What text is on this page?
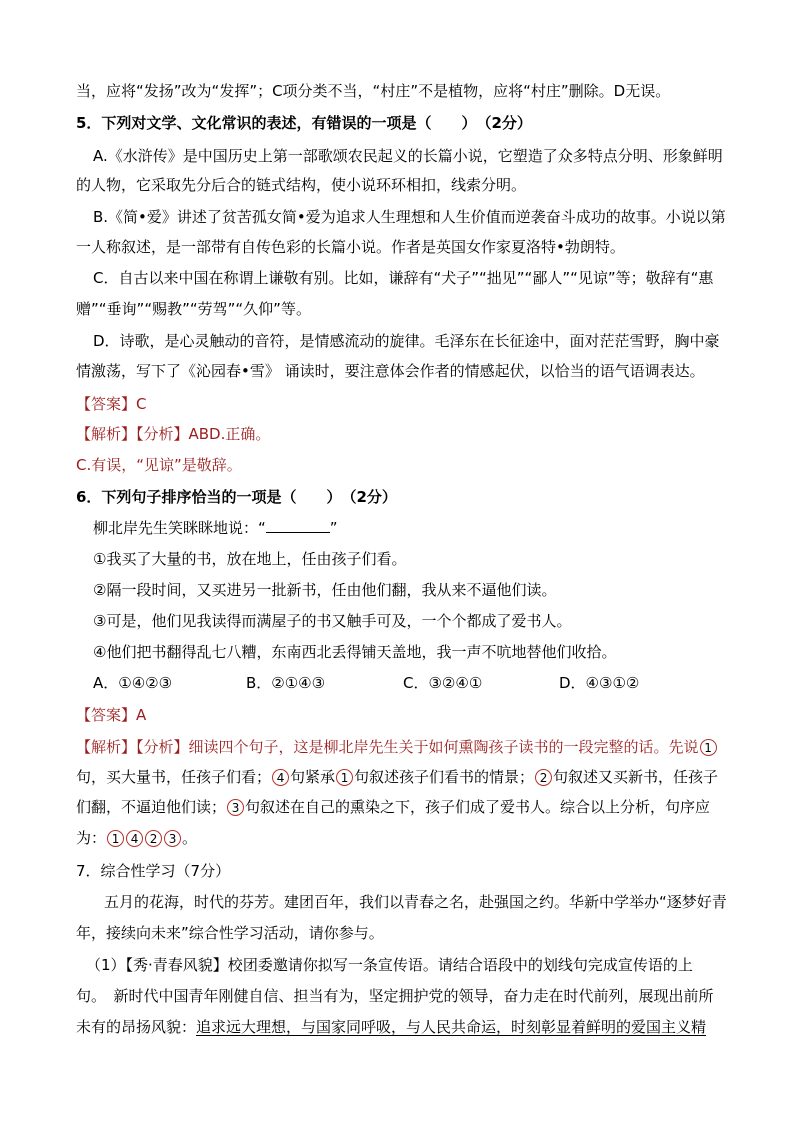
当，应将“发扬”改为“发挥”；C项分类不当，“村庄”不是植物，应将“村庄”删除。D无误。
5．下列对文学、文化常识的表述，有错误的一项是（　　）　（2分）
A.《水浒传》是中国历史上第一部歌颂农民起义的长篇小说，它塑造了众多特点分明、形象鲜明
的人物，它采取先分后合的链式结构，使小说环环相扣，线索分明。
B.《简•爱》讲述了贫苦孤女简•爱为追求人生理想和人生价值而逆袭奋斗成功的故事。小说以第
一人称叙述，是一部带有自传色彩的长篇小说。作者是英国女作家夏洛特•勃朗特。
C．自古以来中国在称谓上谦敬有别。比如，谦辞有“犬子”“拙见”“鄙人”“见谅”等；敬辞有“惠
赠”“垂询”“赐教”“劳驾”“久仰”等。
D．诗歌，是心灵触动的音符，是情感流动的旋律。毛泽东在长征途中，面对茫茫雪野，胸中豪
情激荡，写下了《沁园春•雪》 诵读时，要注意体会作者的情感起伏，以恰当的语气语调表达。
【答案】C
【解析】【分析】ABD.正确。
C.有误，“见谅”是敬辞。
6．下列句子排序恰当的一项是（　　）　（2分）
柳北岸先生笑眯眯地说：“	”
①我买了大量的书，放在地上，任由孩子们看。
②隔一段时间，又买进另一批新书，任由他们翻，我从来不逼他们读。
③可是，他们见我读得而满屋子的书又触手可及，一个个都成了爱书人。
④他们把书翻得乱七八糟，东南西北丢得铺天盖地，我一声不吭地替他们收拾。
A．①④②③	B．②①④③	C．③②④①	D．④③①②
【答案】A
【解析】【分析】细读四个句子，这是柳北岸先生关于如何熏陶孩子读书的一段完整的话。先说 1
句，买大量书，任孩子们看； 4 句紧承 1 句叙述孩子们看书的情景； 2 句叙述又买新书，任孩子
们翻，不逼迫他们读； 3 句叙述在自己的熏染之下，孩子们成了爱书人。综合以上分析，句序应
为： 1 4 2 3 。
7．综合性学习（7分）
五月的花海，时代的芬芳。建团百年，我们以青春之名，赴强国之约。华新中学举办“逐梦好青
年，接续向未来”综合性学习活动，请你参与。
（1）【秀·青春风貌】校团委邀请你拟写一条宣传语。请结合语段中的划线句完成宣传语的上
句。　新时代中国青年刚健自信、担当有为，坚定拥护党的领导，奋力走在时代前列，展现出前所
未有的昂扬风貌：追求远大理想，与国家同呼吸，与人民共命运，时刻彰显着鲜明的爱国主义精
